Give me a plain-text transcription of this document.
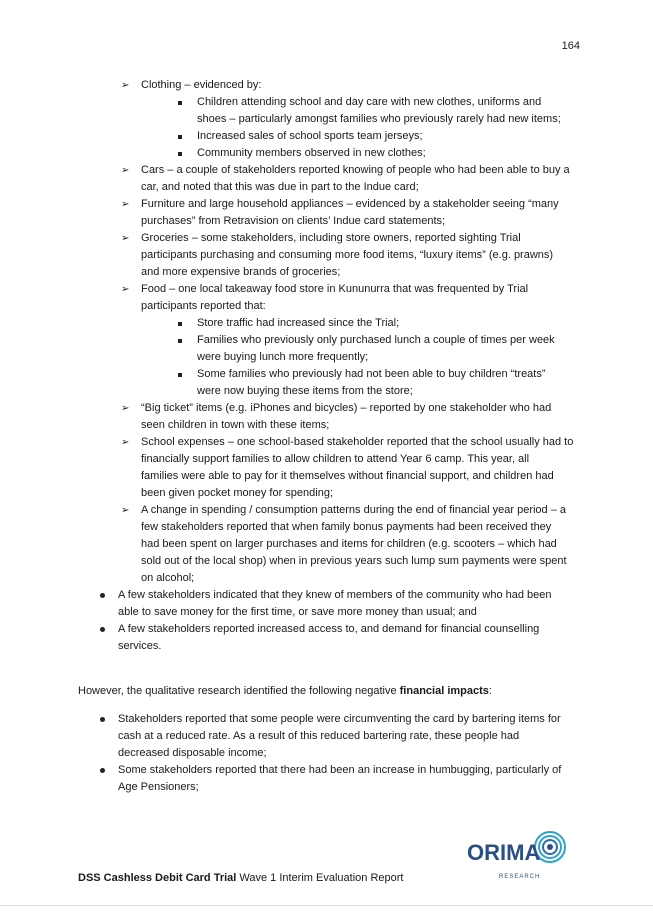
164
➢ Clothing – evidenced by:
Children attending school and day care with new clothes, uniforms and
shoes – particularly amongst families who previously rarely had new items;
Increased sales of school sports team jerseys;
Community members observed in new clothes;
➢ Cars – a couple of stakeholders reported knowing of people who had been able to buy a
car, and noted that this was due in part to the Indue card;
➢ Furniture and large household appliances – evidenced by a stakeholder seeing “many
purchases” from Retravision on clients’ Indue card statements;
➢ Groceries – some stakeholders, including store owners, reported sighting Trial
participants purchasing and consuming more food items, “luxury items” (e.g. prawns)
and more expensive brands of groceries;
➢ Food – one local takeaway food store in Kununurra that was frequented by Trial
participants reported that:
Store traffic had increased since the Trial;
Families who previously only purchased lunch a couple of times per week
were buying lunch more frequently;
Some families who previously had not been able to buy children “treats”
were now buying these items from the store;
➢ “Big ticket” items (e.g. iPhones and bicycles) – reported by one stakeholder who had
seen children in town with these items;
➢ School expenses – one school-based stakeholder reported that the school usually had to
financially support families to allow children to attend Year 6 camp. This year, all
families were able to pay for it themselves without financial support, and children had
been given pocket money for spending;
➢ A change in spending / consumption patterns during the end of financial year period – a
few stakeholders reported that when family bonus payments had been received they
had been spent on larger purchases and items for children (e.g. scooters – which had
sold out of the local shop) when in previous years such lump sum payments were spent
on alcohol;
A few stakeholders indicated that they knew of members of the community who had been
able to save money for the first time, or save more money than usual; and
A few stakeholders reported increased access to, and demand for financial counselling
services.
However, the qualitative research identified the following negative financial impacts:
Stakeholders reported that some people were circumventing the card by bartering items for
cash at a reduced rate. As a result of this reduced bartering rate, these people had
decreased disposable income;
Some stakeholders reported that there had been an increase in humbugging, particularly of
Age Pensioners;
ORIMA
RESEARCH
DSS Cashless Debit Card Trial Wave 1 Interim Evaluation Report
